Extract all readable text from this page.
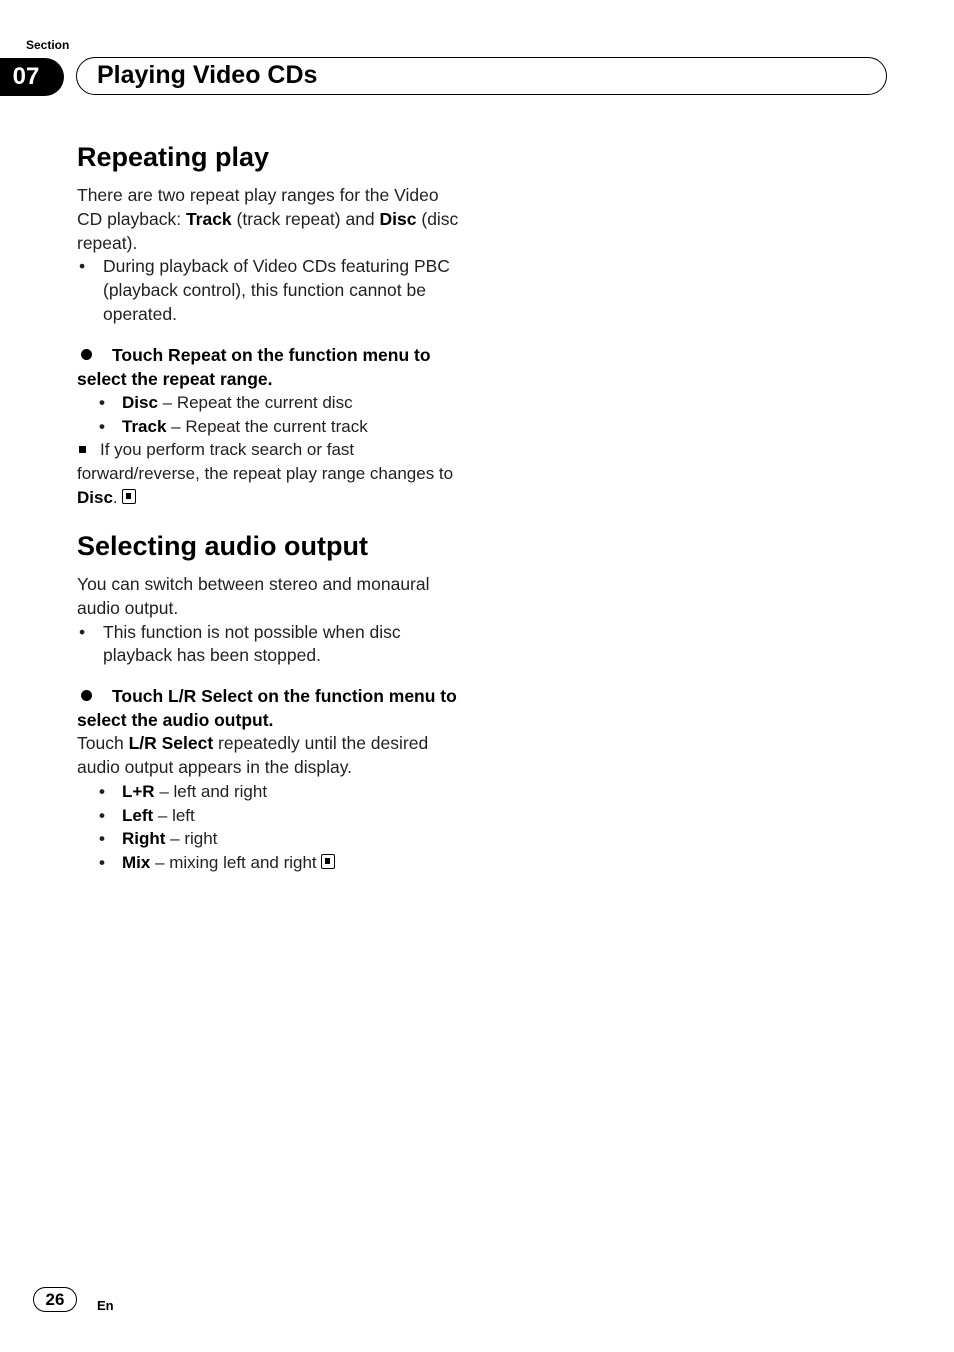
Section
07	Playing Video CDs
Repeating play

There are two repeat play ranges for the Video CD playback: Track (track repeat) and Disc (disc repeat).

• During playback of Video CDs featuring PBC (playback control), this function cannot be operated.
Touch Repeat on the function menu to select the repeat range.
• Disc – Repeat the current disc
• Track – Repeat the current track
If you perform track search or fast forward/reverse, the repeat play range changes to Disc.
Selecting audio output

You can switch between stereo and monaural audio output.

• This function is not possible when disc playback has been stopped.
Touch L/R Select on the function menu to select the audio output.

Touch L/R Select repeatedly until the desired audio output appears in the display.

• L+R – left and right
• Left – left
• Right – right
• Mix – mixing left and right
26	En
